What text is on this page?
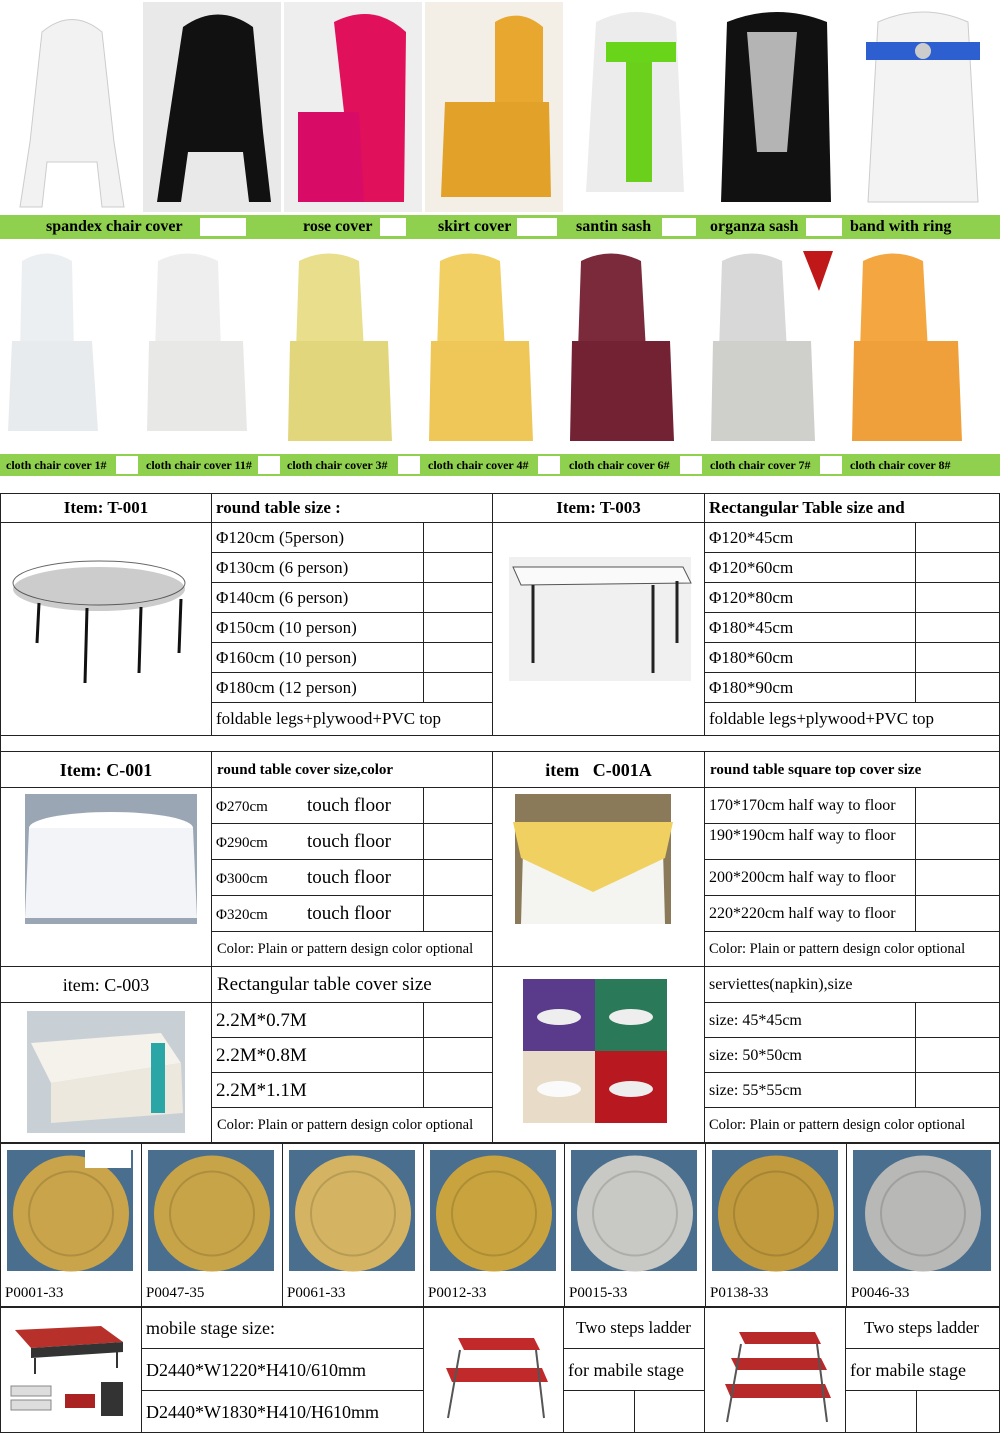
spandex chair cover	rose cover	skirt cover	santin sash	organza sash	band with ring
cloth chair cover 1#	cloth chair cover 11#	cloth chair cover 3#	cloth chair cover 4#	cloth chair cover 6#	cloth chair cover 7#	cloth chair cover 8#
Item: T-001	round table size :
Φ120cm (5person)
Φ130cm (6 person)
Φ140cm (6 person)
Φ150cm (10 person)
Φ160cm (10 person)
Φ180cm (12 person)
foldable legs+plywood+PVC top
Item: T-003	Rectangular Table size and
Φ120*45cm
Φ120*60cm
Φ120*80cm
Φ180*45cm
Φ180*60cm
Φ180*90cm
foldable legs+plywood+PVC top
Item: C-001	round table cover size,color
Φ270cm touch floor
Φ290cm touch floor
Φ300cm touch floor
Φ320cm touch floor
Color: Plain or pattern design color optional
item   C-001A	round table square top cover size
170*170cm half way to floor
190*190cm half way to floor
200*200cm half way to floor
220*220cm half way to floor
Color: Plain or pattern design color optional
item: C-003	Rectangular table cover size
2.2M*0.7M
2.2M*0.8M
2.2M*1.1M
Color: Plain or pattern design color optional
serviettes(napkin),size
size: 45*45cm
size: 50*50cm
size: 55*55cm
Color: Plain or pattern design color optional
P0001-33	P0047-35	P0061-33	P0012-33	P0015-33	P0138-33	P0046-33
mobile stage size:
D2440*W1220*H410/610mm
D2440*W1830*H410/H610mm
Two steps ladder
for mabile stage
Two steps ladder
for mabile stage
